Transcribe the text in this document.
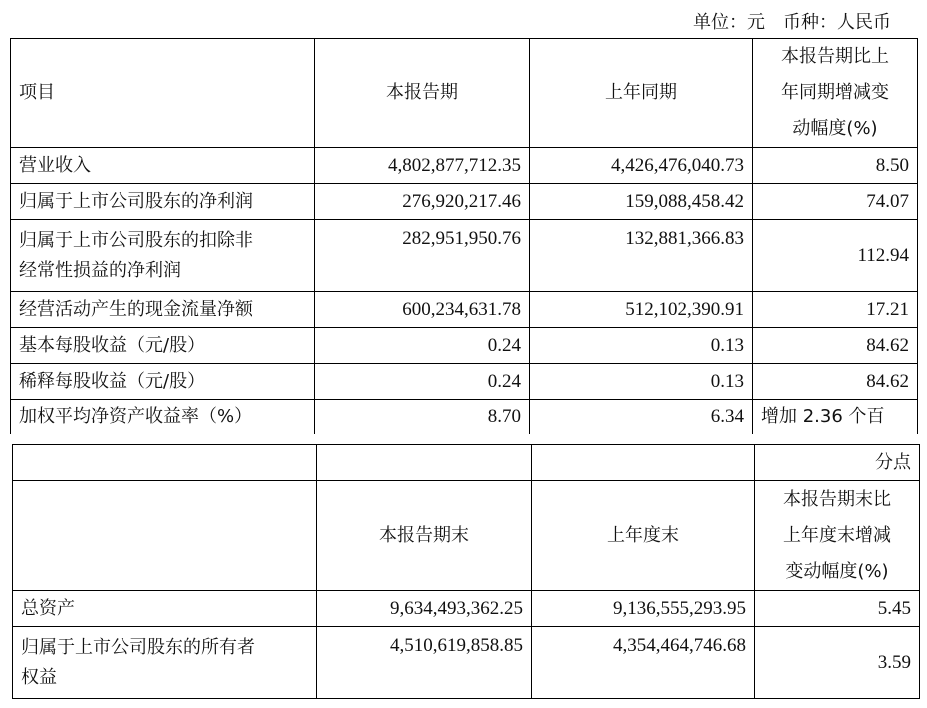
单位：元　币种：人民币
项目	本报告期	上年同期	本报告期比上
年同期增减变
动幅度(%)

营业收入	4,802,877,712.35	4,426,476,040.73	8.50
归属于上市公司股东的净利润	276,920,217.46	159,088,458.42	74.07

归属于上市公司股东的扣除非
经常性损益的净利润	282,951,950.76	132,881,366.83	112.94
经营活动产生的现金流量净额	600,234,631.78	512,102,390.91	17.21
基本每股收益（元/股）	0.24	0.13	84.62
稀释每股收益（元/股）	0.24	0.13	84.62
加权平均净资产收益率（%）	8.70	6.34	增加 2.36 个百
			分点
	本报告期末	上年度末	本报告期末比
上年度末增减
变动幅度(%)

总资产	9,634,493,362.25	9,136,555,293.95	5.45

归属于上市公司股东的所有者
权益	4,510,619,858.85	4,354,464,746.68	3.59
